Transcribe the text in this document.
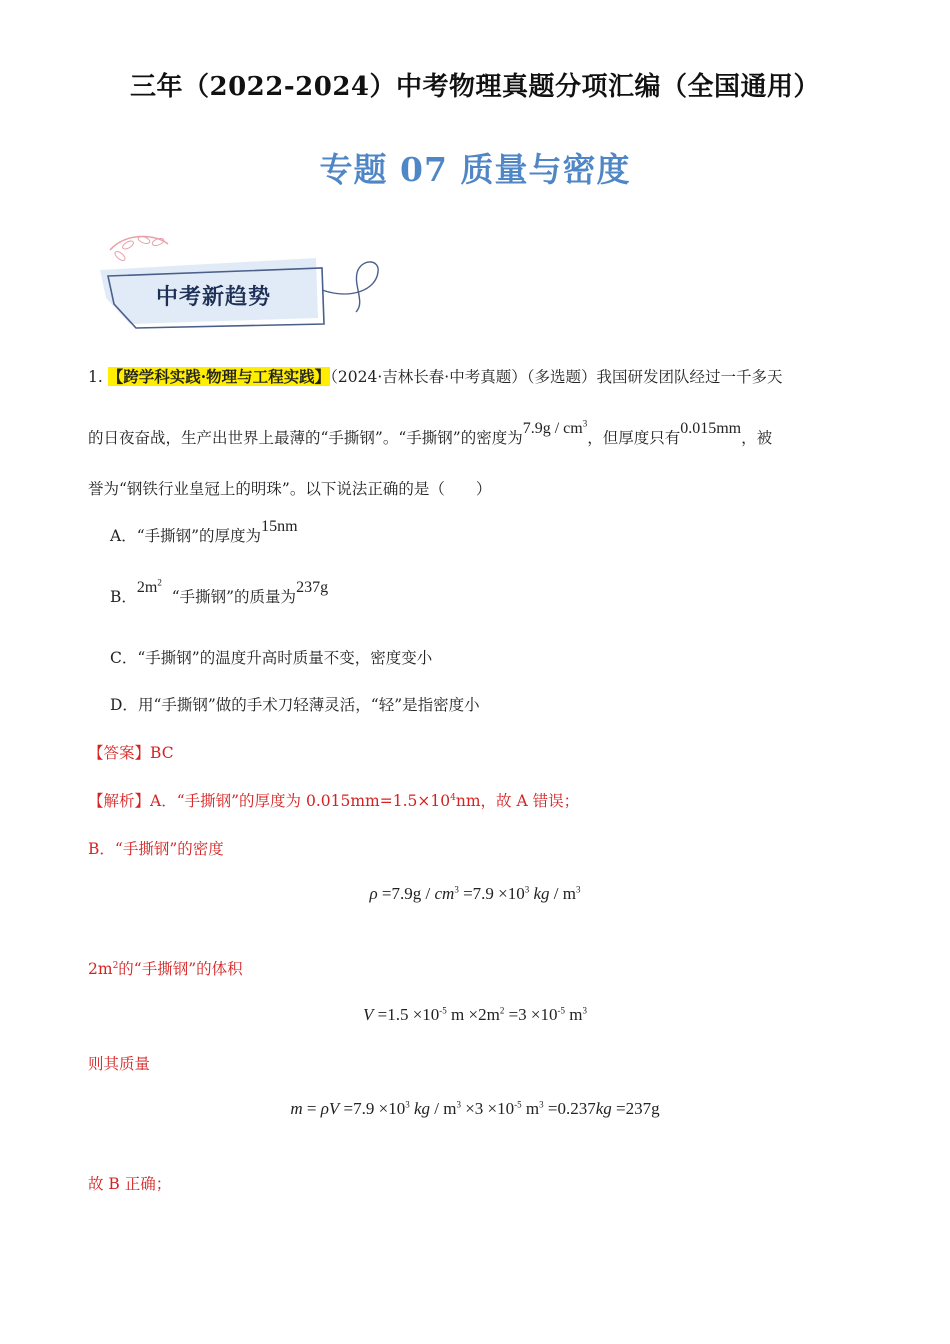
三年（2022-2024）中考物理真题分项汇编（全国通用）
专题 07 质量与密度
中考新趋势
1. 【跨学科实践·物理与工程实践】（2024·吉林长春·中考真题）（多选题）我国研发团队经过一千多天
的日夜奋战，生产出世界上最薄的“手撕钢”。“手撕钢”的密度为$7.9g / cm^3$，但厚度只有0.015mm，被
誉为“钢铁行业皇冠上的明珠”。以下说法正确的是（　　）
A．“手撕钢”的厚度为15nm
B．$2m^2$  “手撕钢”的质量为237g
C．“手撕钢”的温度升高时质量不变，密度变小
D．用“手撕钢”做的手术刀轻薄灵活，“轻”是指密度小
【答案】BC
【解析】A．“手撕钢”的厚度为 $0.015mm=1.5\times 10^4nm$，故 A 错误；
B．“手撕钢”的密度
$\rho =7.9g / cm^3 =7.9 \times 10^3$ kg / $m^3$
$2m^2$的“手撕钢”的体积
$V =1.5 \times 10^{-5}$ $m \times 2m^2 =3 \times 10^{-5}$ $m^3$
则其质量
$m = \rho V =7.9 \times 10^3$ kg / $m^3 \times 3 \times 10^{-5}$ $m^3 =0.237kg =237g$
故 B 正确；
